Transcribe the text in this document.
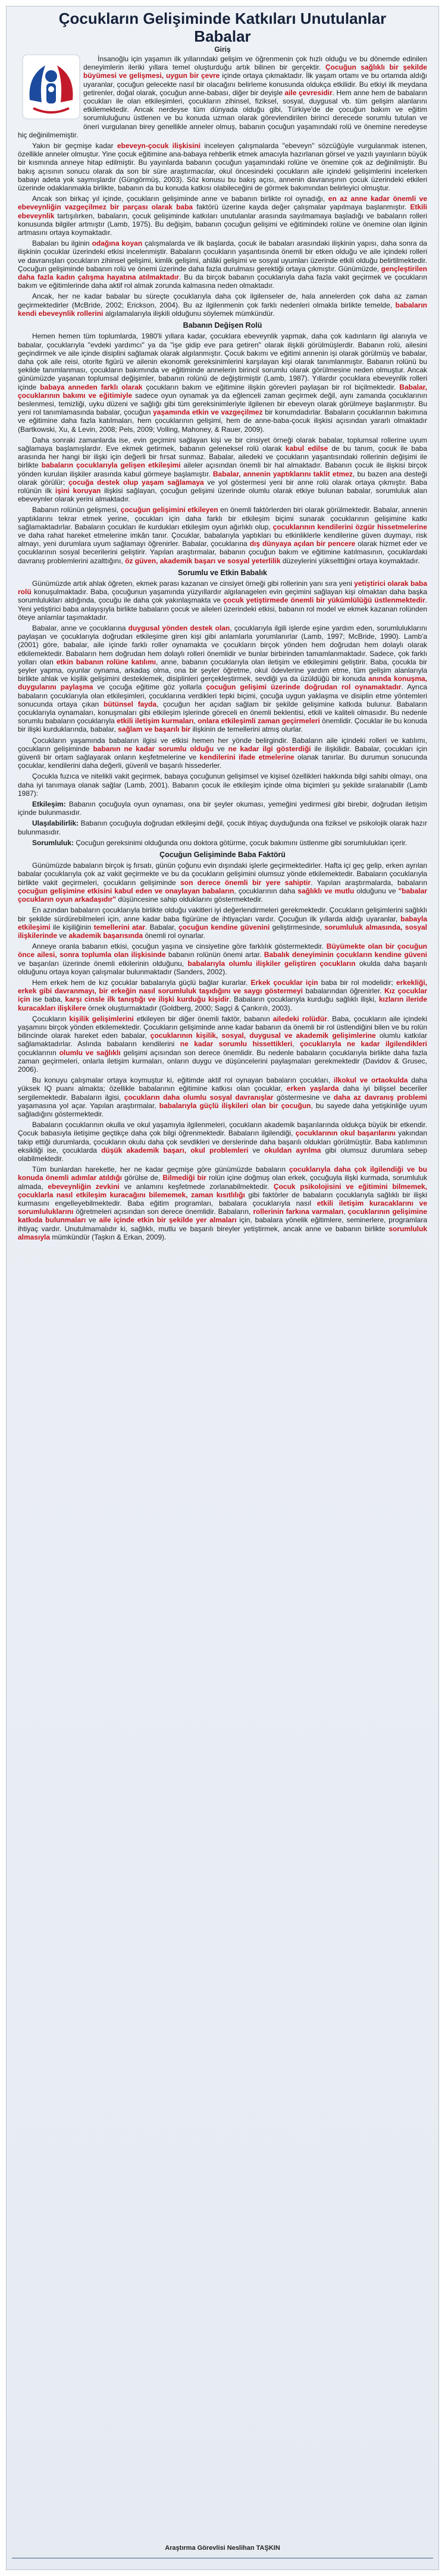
Çocukların Gelişiminde Katkıları Unutulanlar
Babalar
Giriş

İnsanoğlu için yaşamın ilk yıllarındaki gelişim ve öğrenmenin çok hızlı olduğu ve bu dönemde edinilen deneyimlerin ileriki yıllara temel oluşturduğu artık bilinen bir gerçektir. Çocuğun sağlıklı bir şekilde büyümesi ve gelişmesi, uygun bir çevre içinde ortaya çıkmaktadır. İlk yaşam ortamı ve bu ortamda aldığı uyaranlar, çocuğun gelecekte nasıl bir olacağını belirleme konusunda oldukça etkilidir. Bu etkiyi ilk meydana getirenler, doğal olarak, çocuğun anne-babası, diğer bir deyişle aile çevresidir. Hem anne hem de babaların çocukları ile olan etkileşimleri, çocukların zihinsel, fiziksel, sosyal, duygusal vb. tüm gelişim alanlarını etkilemektedir. Ancak nerdeyse tüm dünyada olduğu gibi, Türkiye'de de çocuğun bakım ve eğitim sorumluluğunu üstlenen ve bu konuda uzman olarak görevlendirilen birinci derecede sorumlu tutulan ve öneri vurgulanan birey genellikle anneler olmuş, babanın çocuğun yaşamındaki rolü ve önemine neredeyse hiç değinilmemiştir.

Yakın bir geçmişe kadar ebeveyn-çocuk ilişkisini inceleyen çalışmalarda "ebeveyn" sözcüğüyle vurgulanmak istenen, özellikle anneler olmuştur. Yine çocuk eğitimine ana-babaya rehberlik etmek amacıyla hazırlanan görsel ve yazılı yayınların büyük bir kısmında anneye hitap edilmiştir. Bu yayınlarda babanın çocuğun yaşamındaki rolüne ve önemine çok az değinilmiştir. Bu bakış açısının sonucu olarak da son bir süre araştırmacılar, okul öncesindeki çocukların aile içindeki gelişimlerini incelerken babayı adeta yok saymışlardır (Güngörmüş, 2003). Söz konusu bu bakış açısı, annenin davranışının çocuk üzerindeki etkileri üzerinde odaklanmakla birlikte, babanın da bu konuda katkısı olabileceğini de görmek bakımından belirleyici olmuştur.

Ancak son birkaç yıl içinde, çocukların gelişiminde anne ve babanın birlikte rol oynadığı, en az anne kadar önemli ve ebeveynliğin vazgeçilmez bir parçası olarak baba faktörü üzerine kayda değer çalışmalar yapılmaya başlanmıştır. Etkili ebeveynlik tartışılırken, babaların, çocuk gelişiminde katkıları unutulanlar arasında sayılmamaya başladığı ve babaların rolleri konusunda bilgiler artmıştır (Lamb, 1975). Bu değişim, babanın çocuğun gelişimi ve eğitimindeki rolüne ve önemine olan ilginin artmasını ortaya koymaktadır.

Babaları bu ilginin odağına koyan çalışmalarda ve ilk başlarda, çocuk ile babaları arasındaki ilişkinin yapısı, daha sonra da ilişkinin çocuklar üzerindeki etkisi incelenmiştir. Babaların çocukların yaşantısında önemli bir etken olduğu ve aile içindeki rolleri ve davranışları çocukların zihinsel gelişimi, kimlik gelişimi, ahlâki gelişimi ve sosyal uyumları üzerinde etkili olduğu belirtilmektedir. Çocuğun gelişiminde babanın rolü ve önemi üzerinde daha fazla durulması gerektiği ortaya çıkmıştır. Günümüzde, gençleştirilen daha fazla kadın çalışma hayatına atılmaktadır. Bu da birçok babanın çocuklarıyla daha fazla vakit geçirmek ve çocukların bakım ve eğitimlerinde daha aktif rol almak zorunda kalmasına neden olmaktadır.

Ancak, her ne kadar babalar bu süreçte çocuklarıyla daha çok ilgilenseler de, hala annelerden çok daha az zaman geçirmektedirler (McBride, 2002; Erickson, 2004). Bu az ilgilenmenin çok farklı nedenleri olmakla birlikte temelde, babaların kendi ebeveynlik rollerini algılamalarıyla ilişkili olduğunu söylemek mümkündür.

Babanın Değişen Rolü

Hemen hemen tüm toplumlarda, 1980'li yıllara kadar, çocuklara ebeveynlik yapmak, daha çok kadınların ilgi alanıyla ve babalar, çocuklarıyla "evdeki yardımcı" ya da "işe gidip eve para getiren" olarak ilişkili görülmüşlerdir. Babanın rolü, ailesini geçindirmek ve aile içinde disiplini sağlamak olarak algılanmıştır. Çocuk bakımı ve eğitimi annenin işi olarak görülmüş ve babalar, daha çok aile reisi, otorite figürü ve ailenin ekonomik gereksinimlerini karşılayan kişi olarak tanımlanmıştır. Babanın rolünü bu şekilde tanımlanması, çocukların bakımında ve eğitiminde annelerin birincil sorumlu olarak görülmesine neden olmuştur. Ancak günümüzde yaşanan toplumsal değişimler, babanın rolünü de değiştirmiştir (Lamb, 1987). Yıllardır çocuklara ebeveynlik rolleri içinde babaya anneden farklı olarak çocukların bakım ve eğitimine ilişkin görevleri paylaşan bir rol biçilmektedir. Babalar, çocuklarının bakımı ve eğitimiyle sadece oyun oynamak ya da eğlenceli zaman geçirmek değil, aynı zamanda çocuklarının beslenmesi, temizliği, uyku düzeni ve sağlığı gibi tüm gereksinimleriyle ilgilenen bir ebeveyn olarak görülmeye başlanmıştır. Bu yeni rol tanımlamasında babalar, çocuğun yaşamında etkin ve vazgeçilmez bir konumdadırlar. Babaların çocuklarının bakımına ve eğitimine daha fazla katılmaları, hem çocuklarının gelişimi, hem de anne-baba-çocuk ilişkisi açısından yararlı olmaktadır (Bartkowski, Xu, & Levin, 2008; Pels, 2009; Volling, Mahoney, & Rauer, 2009).

Daha sonraki zamanlarda ise, evin geçimini sağlayan kişi ve bir cinsiyet örneği olarak babalar, toplumsal rollerine uyum sağlamaya başlamışlardır. Eve ekmek getirmek, babanın geleneksel rolü olarak kabul edilse de bu tanım, çocuk ile baba arasında her hangi bir ilişki için değerli bir fırsat sunmaz. Babalar, ailedeki ve çocukların yaşantısındaki rollerinin değişimi ile birlikte babaların çocuklarıyla gelişen etkileşimi aileler açısından önemli bir hal almaktadır. Babanın çocuk ile ilişkisi birçok yönden kurulan ilişkiler arasında kabul görmeye başlamıştır. Babalar, annenin yaptıklarını taklit etmez, bu bazen ana desteği olarak görülür; çocuğa destek olup yaşam sağlamaya ve yol göstermesi yeni bir anne rolü olarak ortaya çıkmıştır. Baba rolünün ilk işini koruyan ilişkisi sağlayan, çocuğun gelişimi üzerinde olumlu olarak etkiye bulunan babalar, sorumluluk alan ebeveynler olarak yerini almaktadır.

Babanın rolünün gelişmesi, çocuğun gelişimini etkileyen en önemli faktörlerden biri olarak görülmektedir. Babalar, annenin yaptıklarını tekrar etmek yerine, çocukları için daha farklı bir etkileşim biçimi sunarak çocuklarının gelişimine katkı sağlamaktadırlar. Babaların çocukları ile kurdukları etkileşim oyun ağırlıklı olup, çocuklarının kendilerini özgür hissetmelerine ve daha rahat hareket etmelerine imkân tanır. Çocuklar, babalarıyla yaptıkları bu etkinliklerle kendilerine güven duymayı, risk almayı, yeni durumlara uyum sağlamayı öğrenirler. Babalar, çocuklarına dış dünyaya açılan bir pencere olarak hizmet eder ve çocuklarının sosyal becerilerini geliştirir. Yapılan araştırmalar, babanın çocuğun bakım ve eğitimine katılmasının, çocuklardaki davranış problemlerini azalttığını, öz güven, akademik başarı ve sosyal yeterlilik düzeylerini yükselttiğini ortaya koymaktadır.

Sorumlu ve Etkin Babalık

Günümüzde artık ahlak öğreten, ekmek parası kazanan ve cinsiyet örneği gibi rollerinin yanı sıra yeni yetiştirici olarak baba rolü konuşulmaktadır. Baba, çocuğunun yaşamında yüzyıllardır algılanagelen evin geçimini sağlayan kişi olmaktan daha başka sorumlulukları aldığında, çocuğu ile daha çok yakınlaşmakta ve çocuk yetiştirmede önemli bir yükümlülüğü üstlenmektedir. Yeni yetiştirici baba anlayışıyla birlikte babaların çocuk ve aileleri üzerindeki etkisi, babanın rol model ve ekmek kazanan rolünden öteye anlamlar taşımaktadır.

Babalar, anne ve çocuklarına duygusal yönden destek olan, çocuklarıyla ilgili işlerde eşine yardım eden, sorumluluklarını paylaşan ve çocuklarıyla doğrudan etkileşime giren kişi gibi anlamlarla yorumlanırlar (Lamb, 1997; McBride, 1990). Lamb'a (2001) göre, babalar, aile içinde farklı roller oynamakta ve çocukların birçok yönden hem doğrudan hem dolaylı olarak etkilemektedir. Babaların hem doğrudan hem dolaylı rolleri önemlidir ve bunlar birbirinden tamamlanmaktadır. Sadece, çok farklı yolları olan etkin babanın rolüne katılımı, anne, babanın çocuklarıyla olan iletişim ve etkileşimini geliştirir. Baba, çocukla bir şeyler yapma, oyunlar oynama, arkadaş olma, ona bir şeyler öğretme, okul ödevlerine yardım etme, tüm gelişim alanlarıyla birlikte ahlak ve kişilik gelişimini desteklemek, disiplinleri gerçekleştirmek, sevdiği ya da üzüldüğü bir konuda anında konuşma, duygularını paylaşma ve çocuğa eğitime göz yollarla çocuğun gelişimi üzerinde doğrudan rol oynamaktadır. Ayrıca babaların çocuklarıyla olan etkileşimleri, çocuklarına verdikleri tepki biçimi, çocuğa uygun yaklaşma ve disiplin etme yöntemleri sonucunda ortaya çıkan bütünsel fayda, çocuğun her açıdan sağlam bir şekilde gelişimine katkıda bulunur. Babaların çocuklarıyla oynamaları, konuşmaları gibi etkileşim işlerinde göreceli en önemli beklentisi, etkili ve kaliteli olmasıdır. Bu nedenle sorumlu babaların çocuklarıyla etkili iletişim kurmaları, onlara etkileşimli zaman geçirmeleri önemlidir. Çocuklar ile bu konuda bir ilişki kurduklarında, babalar, sağlam ve başarılı bir ilişkinin de temellerini atmış olurlar.

Çocukların yaşamında babaların ilgisi ve etkisi hemen her yönde belirgindir. Babaların aile içindeki rolleri ve katılımı, çocukların gelişiminde babanın ne kadar sorumlu olduğu ve ne kadar ilgi gösterdiği ile ilişkilidir. Babalar, çocukları için güvenli bir ortam sağlayarak onların keşfetmelerine ve kendilerini ifade etmelerine olanak tanırlar. Bu durumun sonucunda çocuklar, kendilerini daha değerli, güvenli ve başarılı hissederler.

Çocukla fuzıca ve nitelikli vakit geçirmek, babaya çocuğunun gelişimsel ve kişisel özellikleri hakkında bilgi sahibi olmayı, ona daha iyi tanımaya olanak sağlar (Lamb, 2001). Babanın çocuk ile etkileşim içinde olma biçimleri şu şekilde sıralanabilir (Lamb 1987):

Etkileşim: Babanın çocuğuyla oyun oynaması, ona bir şeyler okuması, yemeğini yedirmesi gibi birebir, doğrudan iletişim içinde bulunmasıdır.

Ulaşılabilirlik: Babanın çocuğuyla doğrudan etkileşimi değil, çocuk ihtiyaç duyduğunda ona fiziksel ve psikolojik olarak hazır bulunmasıdır.

Sorumluluk: Çocuğun gereksinimi olduğunda onu doktora götürme, çocuk bakımını üstlenme gibi sorumlulukları içerir.

Çocuğun Gelişiminde Baba Faktörü

Günümüzde babaların birçok iş fırsatı, günün çoğunu evin dışındaki işlerle geçirmektedirler. Hafta içi geç gelip, erken ayrılan babalar çocuklarıyla çok az vakit geçirmekte ve bu da çocukların gelişimini olumsuz yönde etkilemektedir. Babaların çocuklarıyla birlikte vakit geçirmeleri, çocukların gelişiminde son derece önemli bir yere sahiptir. Yapılan araştırmalarda, babaların çocuğun gelişimine etkisini kabul eden ve onaylayan babaların, çocuklarının daha sağlıklı ve mutlu olduğunu ve "babalar çocukların oyun arkadaşıdır" düşüncesine sahip olduklarını göstermektedir.

En azından babaların çocuklarıyla birlikte olduğu vakitleri iyi değerlendirmeleri gerekmektedir. Çocukların gelişimlerini sağlıklı bir şekilde sürdürebilmeleri için, anne kadar baba figürüne de ihtiyaçları vardır. Çocuğun ilk yıllarda aldığı uyaranlar, babayla etkileşimi ile kişiliğinin temellerini atar. Babalar, çocuğun kendine güvenini geliştirmesinde, sorumluluk almasında, sosyal ilişkilerinde ve akademik başarısında önemli rol oynarlar.

Anneye oranla babanın etkisi, çocuğun yaşına ve cinsiyetine göre farklılık göstermektedir. Büyümekte olan bir çocuğun önce ailesi, sonra toplumla olan ilişkisinde babanın rolünün önemi artar. Babalık deneyiminin çocukların kendine güveni ve başarıları üzerinde önemli etkilerinin olduğunu, babalarıyla olumlu ilişkiler geliştiren çocukların okulda daha başarılı olduğunu ortaya koyan çalışmalar bulunmaktadır (Sanders, 2002).

Hem erkek hem de kız çocuklar babalarıyla güçlü bağlar kurarlar. Erkek çocuklar için baba bir rol modelidir; erkekliği, erkek gibi davranmayı, bir erkeğin nasıl sorumluluk taşıdığını ve saygı göstermeyi babalarından öğrenirler. Kız çocuklar için ise baba, karşı cinsle ilk tanıştığı ve ilişki kurduğu kişidir. Babaların çocuklarıyla kurduğu sağlıklı ilişki, kızların ileride kuracakları ilişkilere örnek oluşturmaktadır (Goldberg, 2000; Sagçi & Çankırılı, 2003).

Çocukların kişilik gelişimlerini etkileyen bir diğer önemli faktör, babanın ailedeki rolüdür. Baba, çocukların aile içindeki yaşamını birçok yönden etkilemektedir. Çocukların gelişiminde anne kadar babanın da önemli bir rol üstlendiğini bilen ve bu rolün bilincinde olarak hareket eden babalar, çocuklarının kişilik, sosyal, duygusal ve akademik gelişimlerine olumlu katkılar sağlamaktadırlar. Aslında babaların kendilerini ne kadar sorumlu hissettikleri, çocuklarıyla ne kadar ilgilendikleri çocuklarının olumlu ve sağlıklı gelişimi açısından son derece önemlidir. Bu nedenle babaların çocuklarıyla birlikte daha fazla zaman geçirmeleri, onlarla iletişim kurmaları, onların duygu ve düşüncelerini paylaşmaları gerekmektedir (Davidov & Grusec, 2006).

Bu konuyu çalışmalar ortaya koymuştur ki, eğitimde aktif rol oynayan babaların çocukları, ilkokul ve ortaokulda daha yüksek IQ puanı almakta; özellikle babalarının eğitimine katkısı olan çocuklar, erken yaşlarda daha iyi bilişsel beceriler sergilemektedir. Babaların ilgisi, çocukların daha olumlu sosyal davranışlar göstermesine ve daha az davranış problemi yaşamasına yol açar. Yapılan araştırmalar, babalarıyla güçlü ilişkileri olan bir çocuğun, bu sayede daha yetişkinliğe uyum sağladığını göstermektedir.

Babaların çocuklarının okulla ve okul yaşamıyla ilgilenmeleri, çocukların akademik başarılarında oldukça büyük bir etkendir. Çocuk babasıyla iletişime geçtikçe daha çok bilgi öğrenmektedir. Babaların ilgilendiği, çocuklarının okul başarılarını yakından takip ettiği durumlarda, çocukların okulu daha çok sevdikleri ve derslerinde daha başarılı oldukları görülmüştür. Baba katılımının eksikliği ise, çocuklarda düşük akademik başarı, okul problemleri ve okuldan ayrılma gibi olumsuz durumlara sebep olabilmektedir.

Tüm bunlardan hareketle, her ne kadar geçmişe göre günümüzde babaların çocuklarıyla daha çok ilgilendiği ve bu konuda önemli adımlar atıldığı görülse de, Bilmediği bir rolün içine doğmuş olan erkek, çocuğuyla ilişki kurmada, sorumluluk almada, ebeveynliğin zevkini ve anlamını keşfetmede zorlanabilmektedir. Çocuk psikolojisini ve eğitimini bilmemek, çocuklarla nasıl etkileşim kuracağını bilememek, zaman kısıtlılığı gibi faktörler de babaların çocuklarıyla sağlıklı bir ilişki kurmasını engelleyebilmektedir. Baba eğitim programları, babalara çocuklarıyla nasıl etkili iletişim kuracaklarını ve sorumluluklarını öğretmeleri açısından son derece önemlidir. Babaların, rollerinin farkına varmaları, çocuklarının gelişimine katkıda bulunmaları ve aile içinde etkin bir şekilde yer almaları için, babalara yönelik eğitimlere, seminerlere, programlara ihtiyaç vardır. Unutulmamalıdır ki, sağlıklı, mutlu ve başarılı bireyler yetiştirmek, ancak anne ve babanın birlikte sorumluluk almasıyla mümkündür (Taşkın & Erkan, 2009).

Araştırma Görevlisi Neslihan TAŞKIN
